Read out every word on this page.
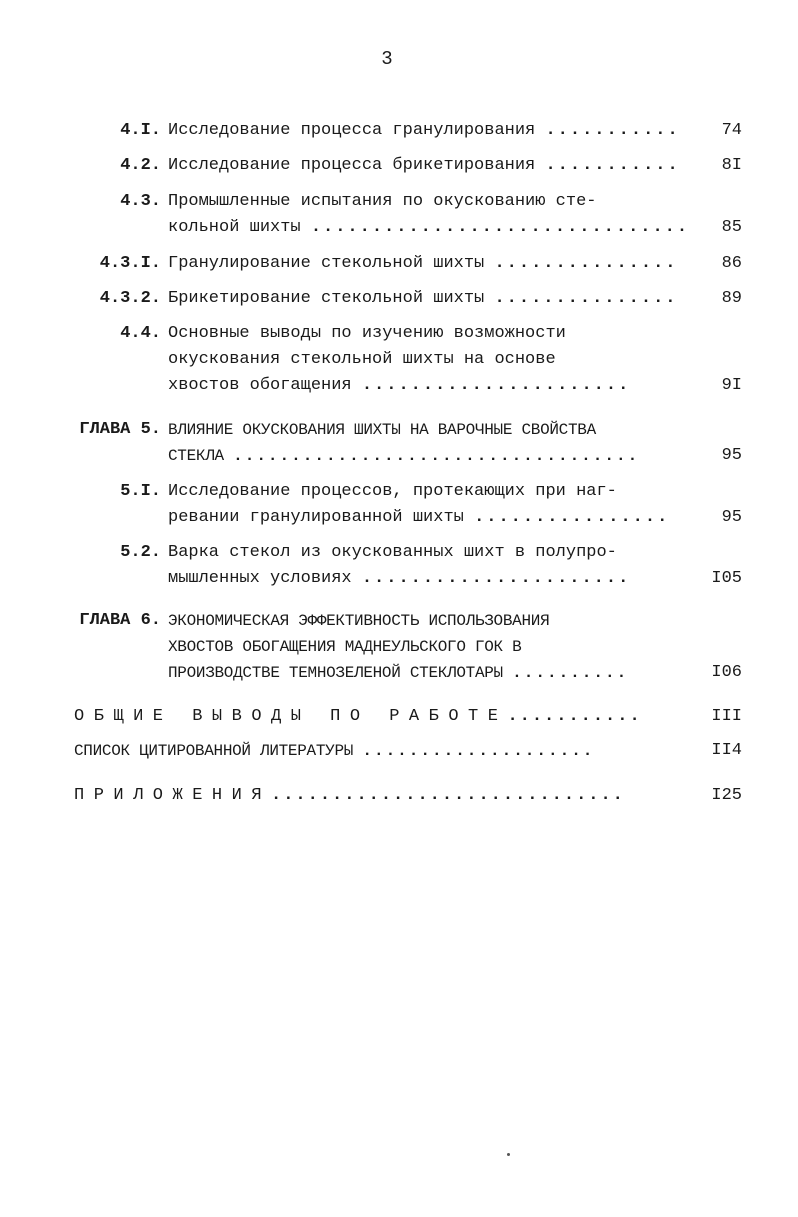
3
4.I. Исследование процесса гранулирования ........... 74
4.2. Исследование процесса брикетирования ........... 8I
4.3. Промышленные испытания по окускованию сте-
кольной шихты ............................... 85
4.3.I. Гранулирование стекольной шихты ...............	86
4.3.2. Брикетирование стекольной шихты ...............	89
4.4. Основные выводы по изучению возможности
окускования стекольной шихты на основе
хвостов обогащения ......................	9I
ГЛАВА 5. ВЛИЯНИЕ ОКУСКОВАНИЯ ШИХТЫ НА ВАРОЧНЫЕ СВОЙСТВА
СТЕКЛА ...................................	95
5.I. Исследование процессов, протекающих при наг-
ревании гранулированной шихты ................	95
5.2. Варка стекол из окускованных шихт в полупро-
мышленных условиях ......................	I05
ГЛАВА 6. ЭКОНОМИЧЕСКАЯ ЭФФЕКТИВНОСТЬ ИСПОЛЬЗОВАНИЯ
ХВОСТОВ ОБОГАЩЕНИЯ МАДНЕУЛЬСКОГО ГОК В
ПРОИЗВОДСТВЕ ТЕМНОЗЕЛЕНОЙ СТЕКЛОТАРЫ ..........	I06
ОБЩИЕ ВЫВОДЫ ПО РАБОТЕ...........	III
СПИСОК ЦИТИРОВАННОЙ ЛИТЕРАТУРЫ ....................	II4
ПРИЛОЖЕНИЯ.............................	I25
